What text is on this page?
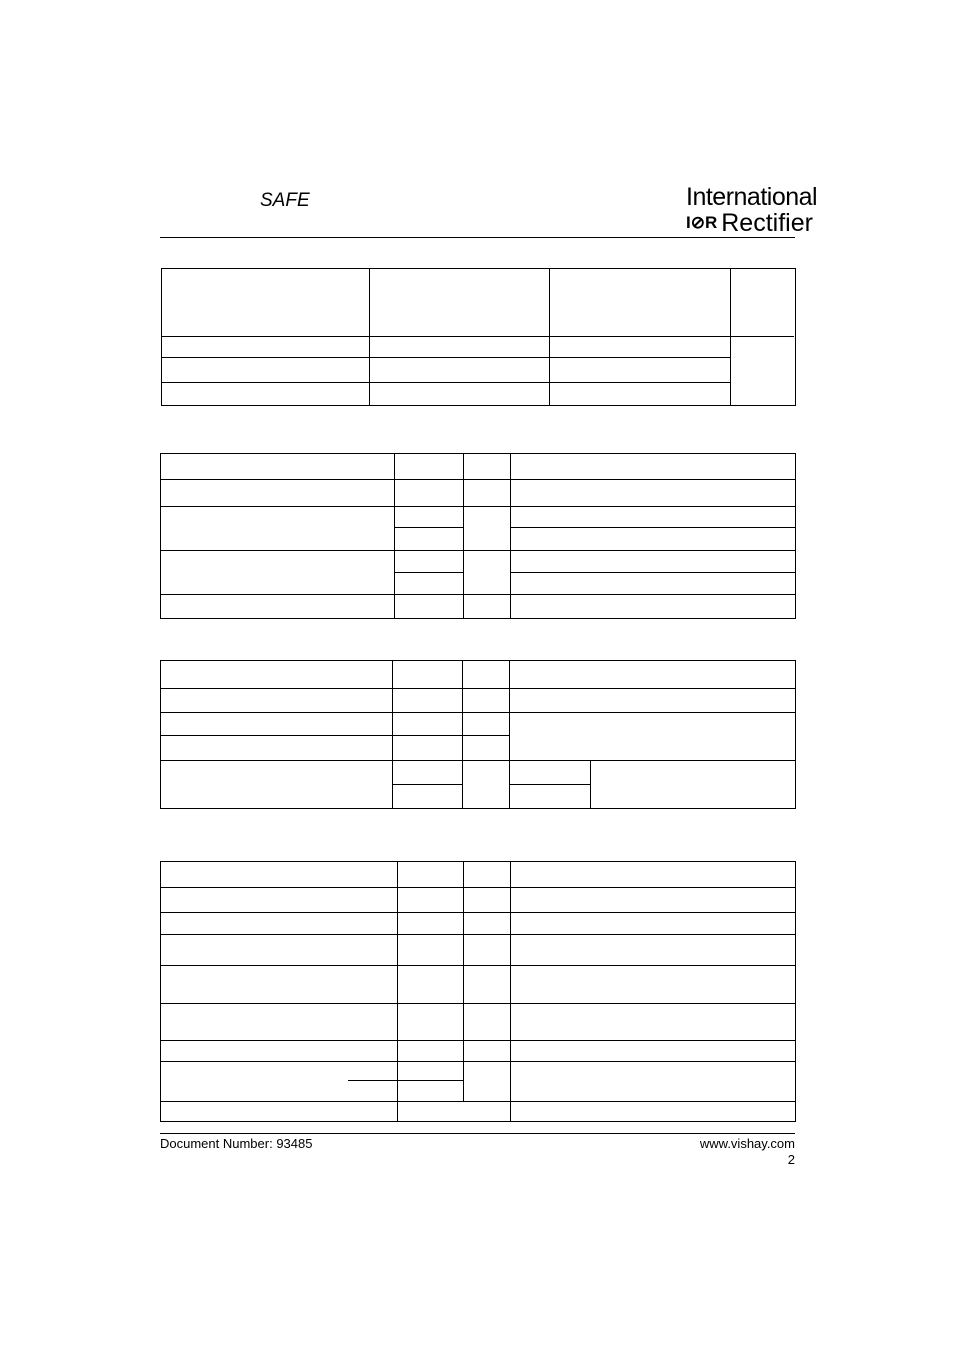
SAFE	International
I⊘R Rectifier
Document Number: 93485	www.vishay.com
2
